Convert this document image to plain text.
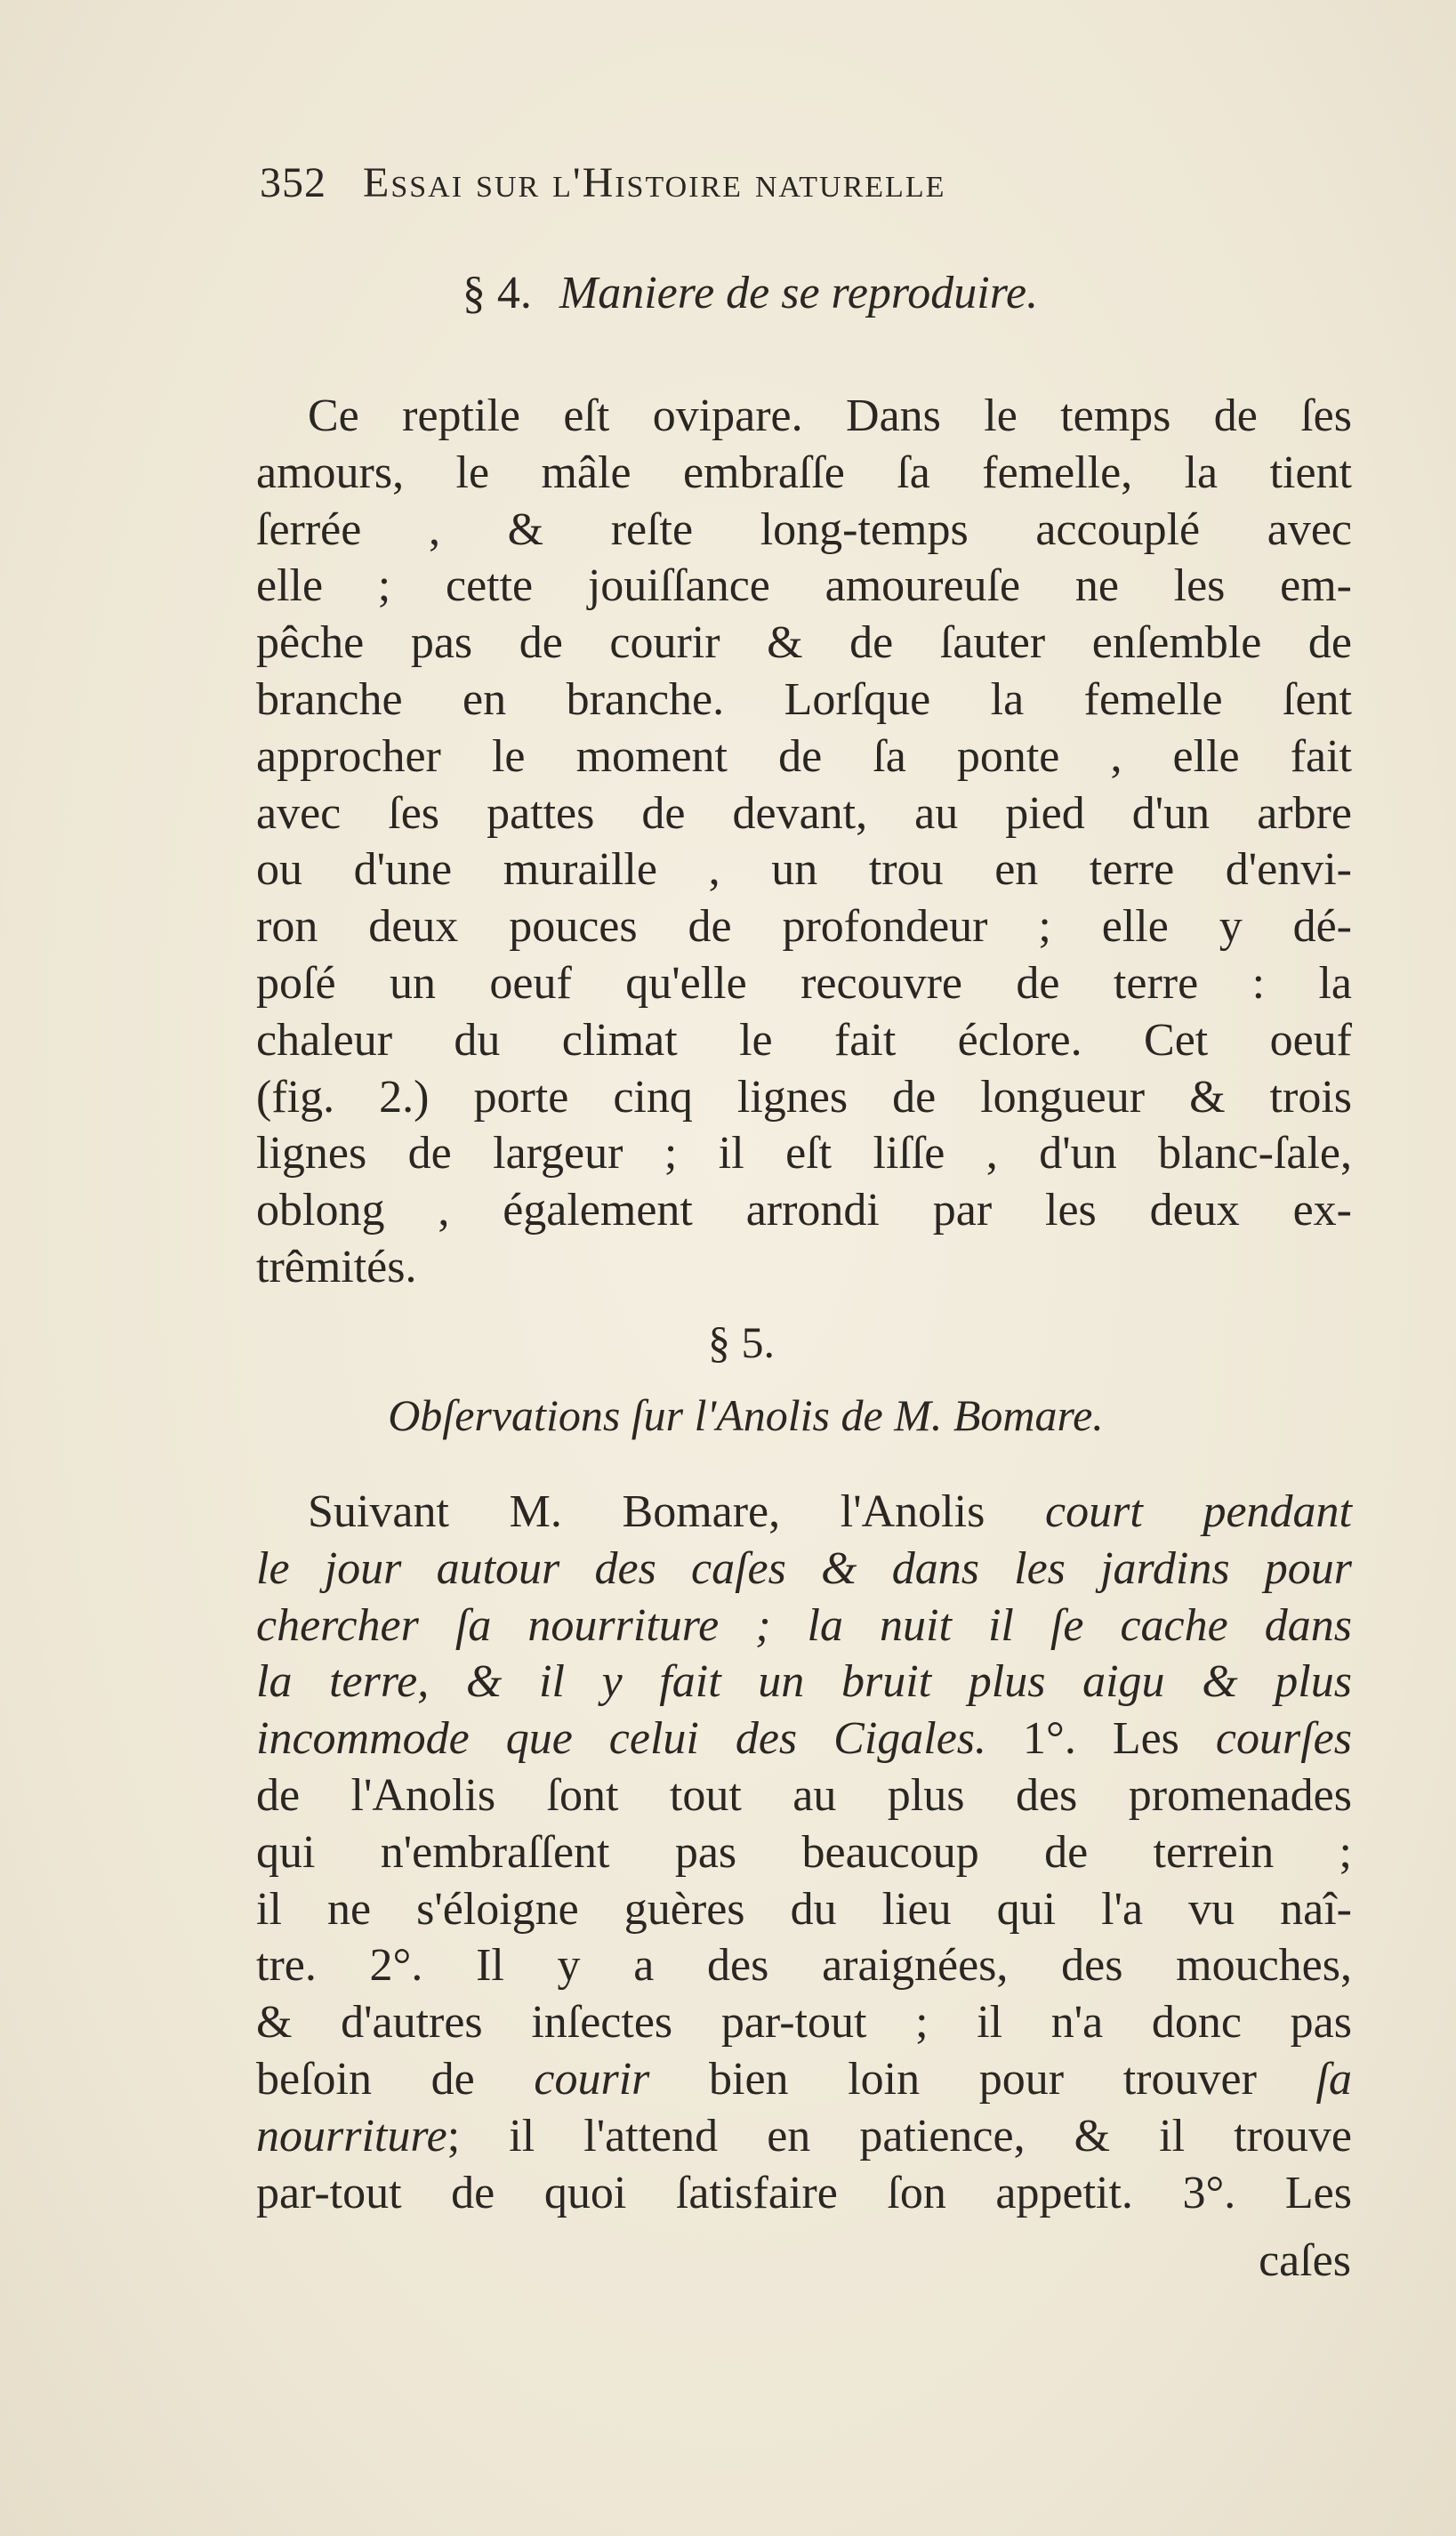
352 Essai sur l'Histoire naturelle
§ 4. Maniere de se reproduire.
Ce reptile eſt ovipare. Dans le temps de ſes
amours, le mâle embraſſe ſa femelle, la tient
ſerrée , & reſte long-temps accouplé avec
elle ; cette jouiſſance amoureuſe ne les em-
pêche pas de courir & de ſauter enſemble de
branche en branche. Lorſque la femelle ſent
approcher le moment de ſa ponte , elle fait
avec ſes pattes de devant, au pied d'un arbre
ou d'une muraille , un trou en terre d'envi-
ron deux pouces de profondeur ; elle y dé-
poſé un oeuf qu'elle recouvre de terre : la
chaleur du climat le fait éclore. Cet oeuf
(fig. 2.) porte cinq lignes de longueur & trois
lignes de largeur ; il eſt liſſe , d'un blanc-ſale,
oblong , également arrondi par les deux ex-
trêmités.
§ 5.
Obſervations ſur l'Anolis de M. Bomare.
Suivant M. Bomare, l'Anolis court pendant
le jour autour des caſes & dans les jardins pour
chercher ſa nourriture ; la nuit il ſe cache dans
la terre, & il y fait un bruit plus aigu & plus
incommode que celui des Cigales. 1°. Les courſes
de l'Anolis ſont tout au plus des promenades
qui n'embraſſent pas beaucoup de terrein ;
il ne s'éloigne guères du lieu qui l'a vu naî-
tre. 2°. Il y a des araignées, des mouches,
& d'autres inſectes par-tout ; il n'a donc pas
beſoin de courir bien loin pour trouver ſa
nourriture; il l'attend en patience, & il trouve
par-tout de quoi ſatisfaire ſon appetit. 3°. Les
caſes
